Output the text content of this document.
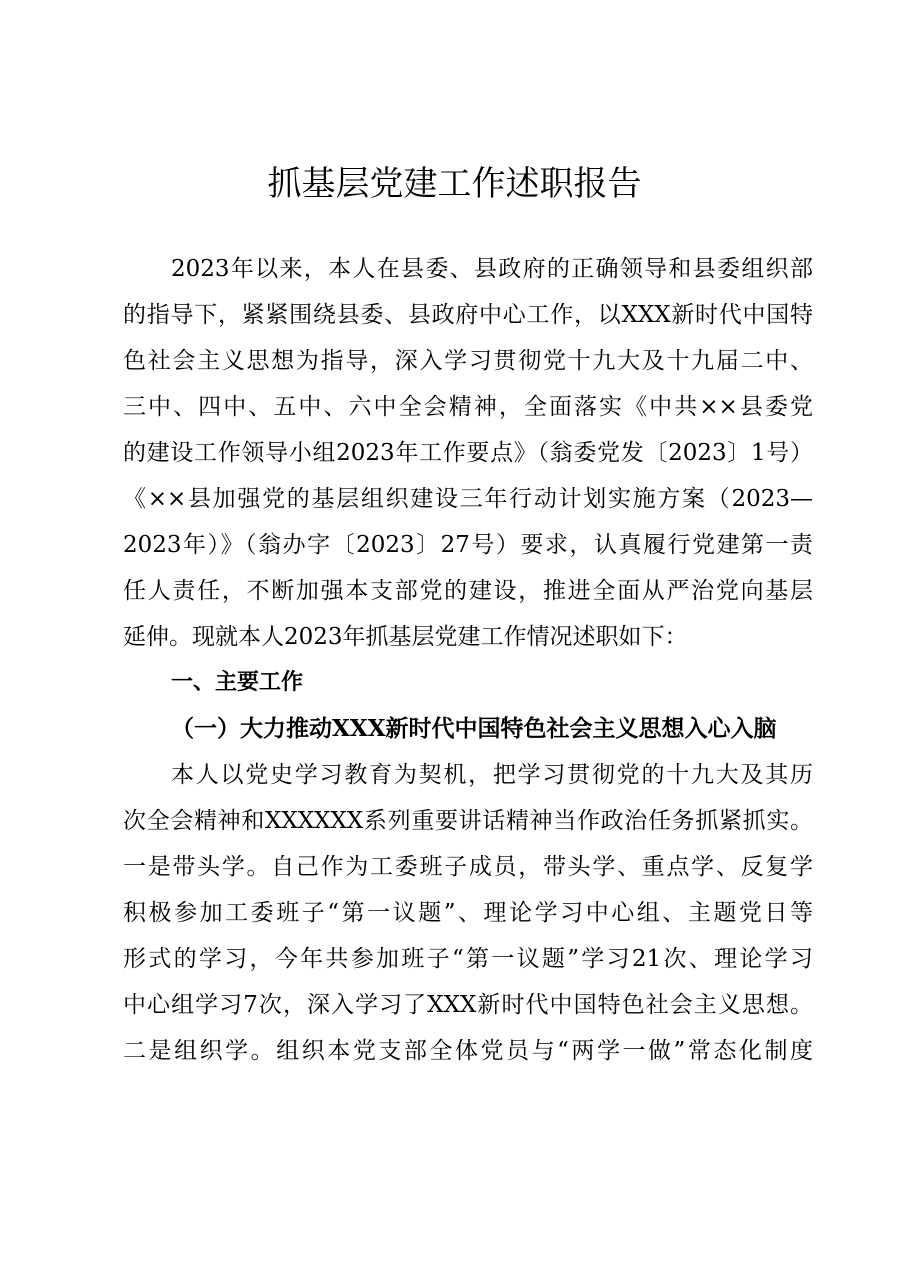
抓基层党建工作述职报告
2023年以来，本人在县委、县政府的正确领导和县委组织部
的指导下，紧紧围绕县委、县政府中心工作，以XXX新时代中国特
色社会主义思想为指导，深入学习贯彻党十九大及十九届二中、
三中、四中、五中、六中全会精神，全面落实《中共××县委党
的建设工作领导小组2023年工作要点》（翁委党发〔2023〕1号）
《××县加强党的基层组织建设三年行动计划实施方案（2023—
2023年）》（翁办字〔2023〕27号）要求，认真履行党建第一责
任人责任，不断加强本支部党的建设，推进全面从严治党向基层
延伸。现就本人2023年抓基层党建工作情况述职如下：
一、主要工作
（一）大力推动XXX新时代中国特色社会主义思想入心入脑
本人以党史学习教育为契机，把学习贯彻党的十九大及其历
次全会精神和XXXXXX系列重要讲话精神当作政治任务抓紧抓实。
一是带头学。自己作为工委班子成员，带头学、重点学、反复学
积极参加工委班子“第一议题”、理论学习中心组、主题党日等
形式的学习，今年共参加班子“第一议题”学习21次、理论学习
中心组学习7次，深入学习了XXX新时代中国特色社会主义思想。
二是组织学。组织本党支部全体党员与“两学一做”常态化制度
